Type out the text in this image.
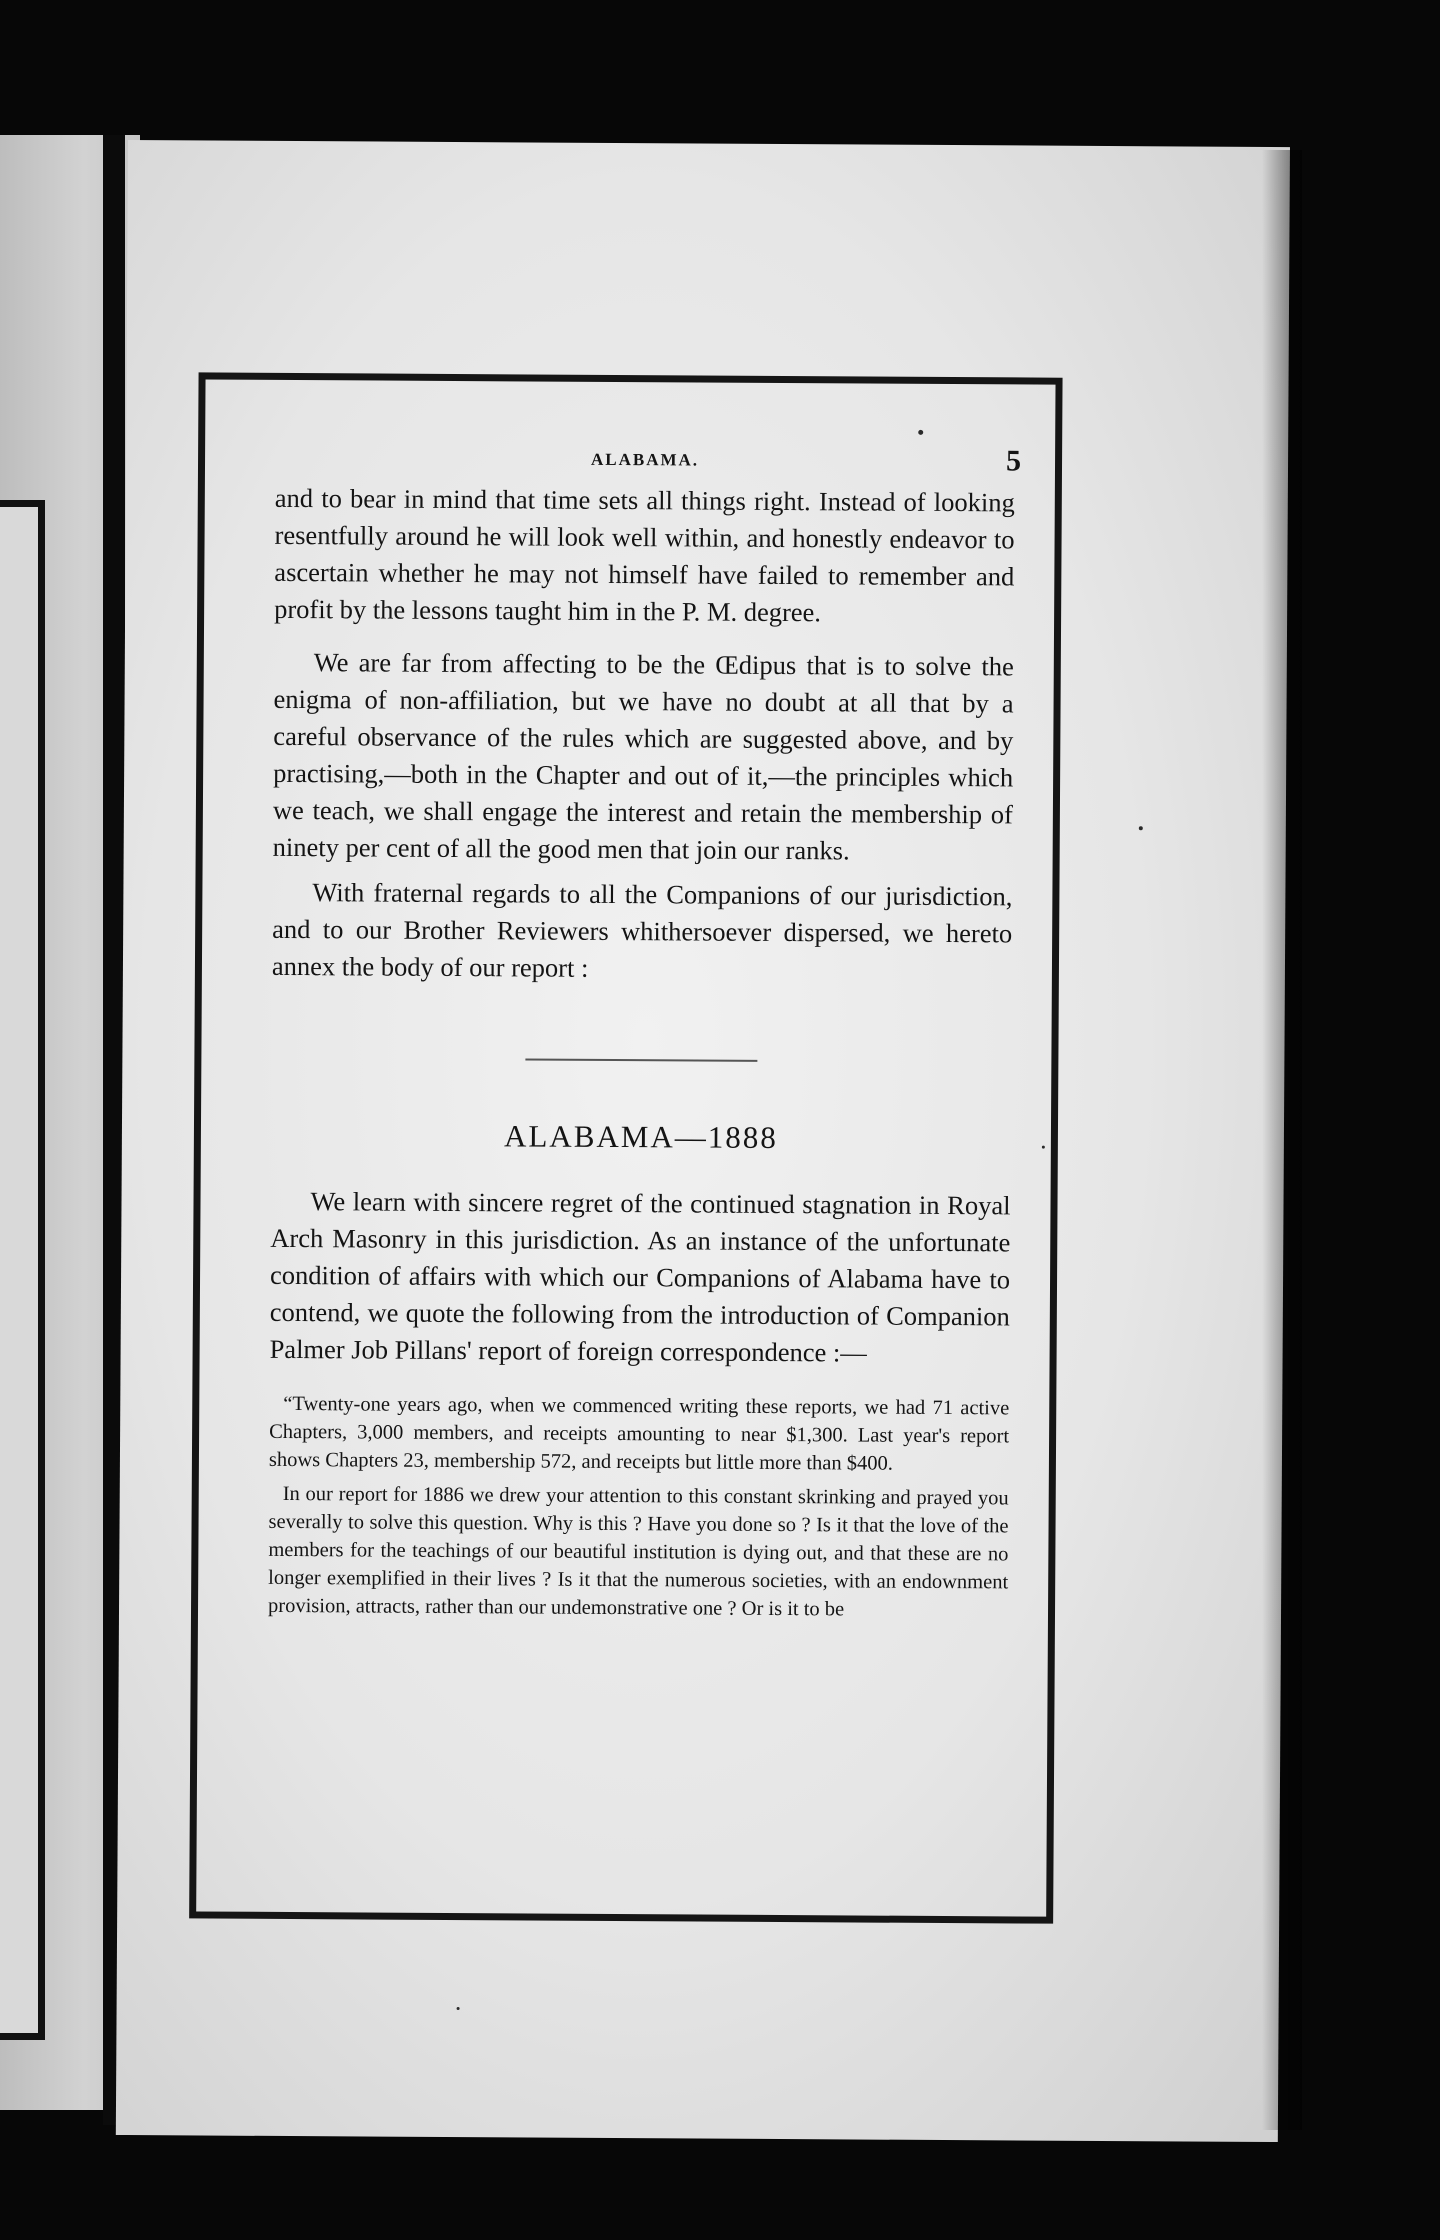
ALABAMA.	5

and to bear in mind that time sets all things right. Instead of looking resentfully around he will look well within, and honestly endeavor to ascertain whether he may not himself have failed to remember and profit by the lessons taught him in the P. M. degree.

We are far from affecting to be the Œdipus that is to solve the enigma of non-affiliation, but we have no doubt at all that by a careful observance of the rules which are suggested above, and by practising,—both in the Chapter and out of it,—the principles which we teach, we shall engage the interest and retain the membership of ninety per cent of all the good men that join our ranks.

With fraternal regards to all the Companions of our jurisdiction, and to our Brother Reviewers whithersoever dispersed, we hereto annex the body of our report :

ALABAMA—1888

We learn with sincere regret of the continued stagnation in Royal Arch Masonry in this jurisdiction. As an instance of the unfortunate condition of affairs with which our Companions of Alabama have to contend, we quote the following from the introduction of Companion Palmer Job Pillans' report of foreign correspondence :—

“Twenty-one years ago, when we commenced writing these reports, we had 71 active Chapters, 3,000 members, and receipts amounting to near $1,300. Last year's report shows Chapters 23, membership 572, and receipts but little more than $400.

In our report for 1886 we drew your attention to this constant skrinking and prayed you severally to solve this question. Why is this ? Have you done so ? Is it that the love of the members for the teachings of our beautiful institution is dying out, and that these are no longer exemplified in their lives ? Is it that the numerous societies, with an endownment provision, attracts, rather than our undemonstrative one ? Or is it to be
